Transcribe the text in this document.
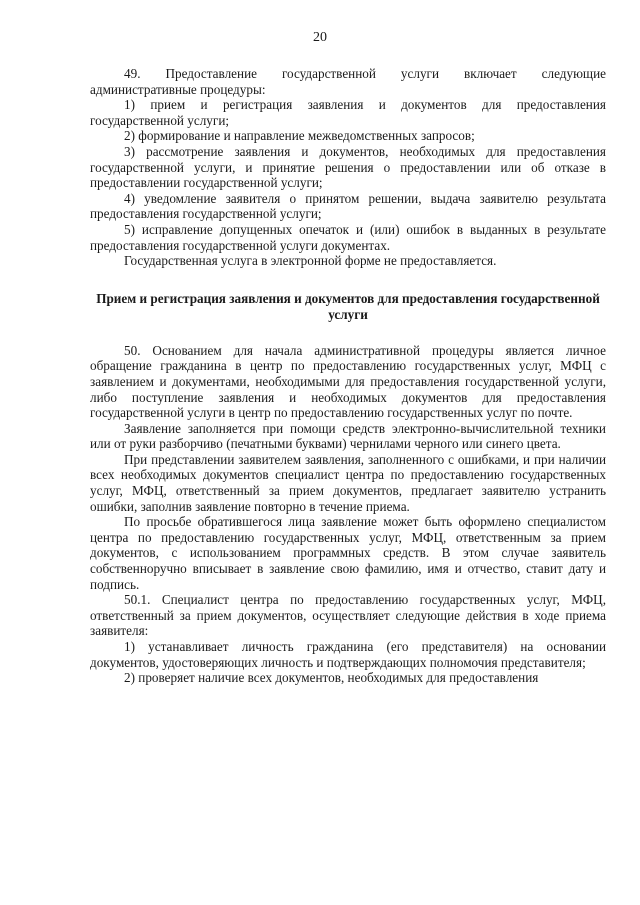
20

49. Предоставление государственной услуги включает следующие административные процедуры:

1) прием и регистрация заявления и документов для предоставления государственной услуги;

2) формирование и направление межведомственных запросов;

3) рассмотрение заявления и документов, необходимых для предоставления государственной услуги, и принятие решения о предоставлении или об отказе в предоставлении государственной услуги;

4) уведомление заявителя о принятом решении, выдача заявителю результата предоставления государственной услуги;

5) исправление допущенных опечаток и (или) ошибок в выданных в результате предоставления государственной услуги документах.

Государственная услуга в электронной форме не предоставляется.

Прием и регистрация заявления и документов для предоставления государственной услуги

50. Основанием для начала административной процедуры является личное обращение гражданина в центр по предоставлению государственных услуг, МФЦ с заявлением и документами, необходимыми для предоставления государственной услуги, либо поступление заявления и необходимых документов для предоставления государственной услуги в центр по предоставлению государственных услуг по почте.

Заявление заполняется при помощи средств электронно-вычислительной техники или от руки разборчиво (печатными буквами) чернилами черного или синего цвета.

При представлении заявителем заявления, заполненного с ошибками, и при наличии всех необходимых документов специалист центра по предоставлению государственных услуг, МФЦ, ответственный за прием документов, предлагает заявителю устранить ошибки, заполнив заявление повторно в течение приема.

По просьбе обратившегося лица заявление может быть оформлено специалистом центра по предоставлению государственных услуг, МФЦ, ответственным за прием документов, с использованием программных средств. В этом случае заявитель собственноручно вписывает в заявление свою фамилию, имя и отчество, ставит дату и подпись.

50.1. Специалист центра по предоставлению государственных услуг, МФЦ, ответственный за прием документов, осуществляет следующие действия в ходе приема заявителя:

1) устанавливает личность гражданина (его представителя) на основании документов, удостоверяющих личность и подтверждающих полномочия представителя;

2) проверяет наличие всех документов, необходимых для предоставления
